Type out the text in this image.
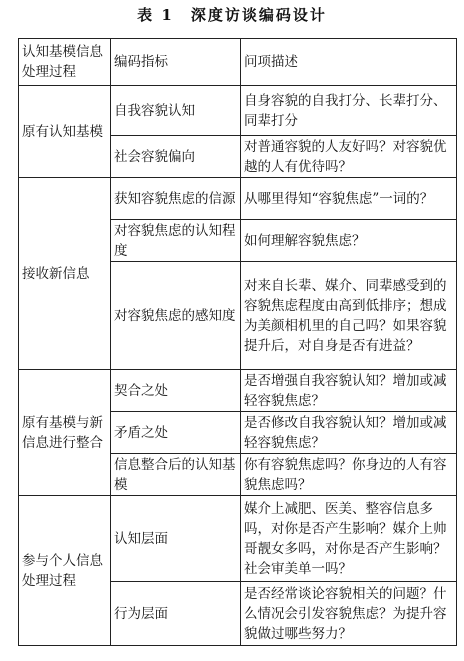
表 1　深度访谈编码设计
认知基模信息处理过程	编码指标	问项描述
原有认知基模	自我容貌认知	自身容貌的自我打分、长辈打分、同辈打分
	社会容貌偏向	对普通容貌的人友好吗？对容貌优越的人有优待吗？
接收新信息	获知容貌焦虑的信源	从哪里得知“容貌焦虑”一词的？
	对容貌焦虑的认知程度	如何理解容貌焦虑？
	对容貌焦虑的感知度	对来自长辈、媒介、同辈感受到的容貌焦虑程度由高到低排序；想成为美颜相机里的自己吗？如果容貌提升后，对自身是否有进益？
原有基模与新信息进行整合	契合之处	是否增强自我容貌认知？增加或减轻容貌焦虑？
	矛盾之处	是否修改自我容貌认知？增加或减轻容貌焦虑？
	信息整合后的认知基模	你有容貌焦虑吗？你身边的人有容貌焦虑吗？
参与个人信息处理过程	认知层面	媒介上减肥、医美、整容信息多吗，对你是否产生影响？媒介上帅哥靓女多吗，对你是否产生影响？社会审美单一吗？
	行为层面	是否经常谈论容貌相关的问题？什么情况会引发容貌焦虑？为提升容貌做过哪些努力？
